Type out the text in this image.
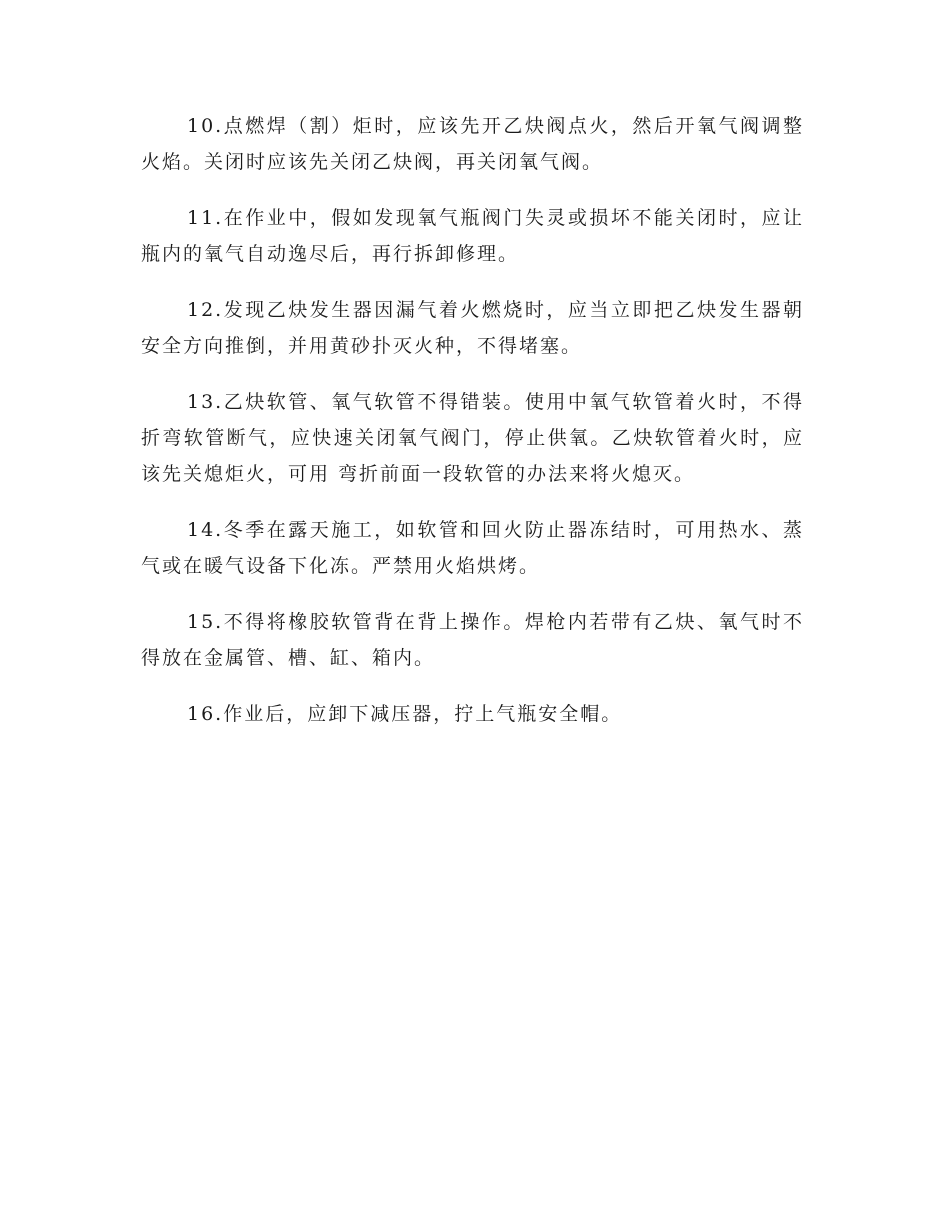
10.点燃焊（割）炬时，应该先开乙炔阀点火，然后开氧气阀调整火焰。关闭时应该先关闭乙炔阀，再关闭氧气阀。

11.在作业中，假如发现氧气瓶阀门失灵或损坏不能关闭时，应让瓶内的氧气自动逸尽后，再行拆卸修理。

12.发现乙炔发生器因漏气着火燃烧时，应当立即把乙炔发生器朝安全方向推倒，并用黄砂扑灭火种，不得堵塞。

13.乙炔软管、氧气软管不得错装。使用中氧气软管着火时，不得折弯软管断气，应快速关闭氧气阀门，停止供氧。乙炔软管着火时，应该先关熄炬火，可用 弯折前面一段软管的办法来将火熄灭。

14.冬季在露天施工，如软管和回火防止器冻结时，可用热水、蒸气或在暖气设备下化冻。严禁用火焰烘烤。

15.不得将橡胶软管背在背上操作。焊枪内若带有乙炔、氧气时不得放在金属管、槽、缸、箱内。

16.作业后，应卸下减压器，拧上气瓶安全帽。
